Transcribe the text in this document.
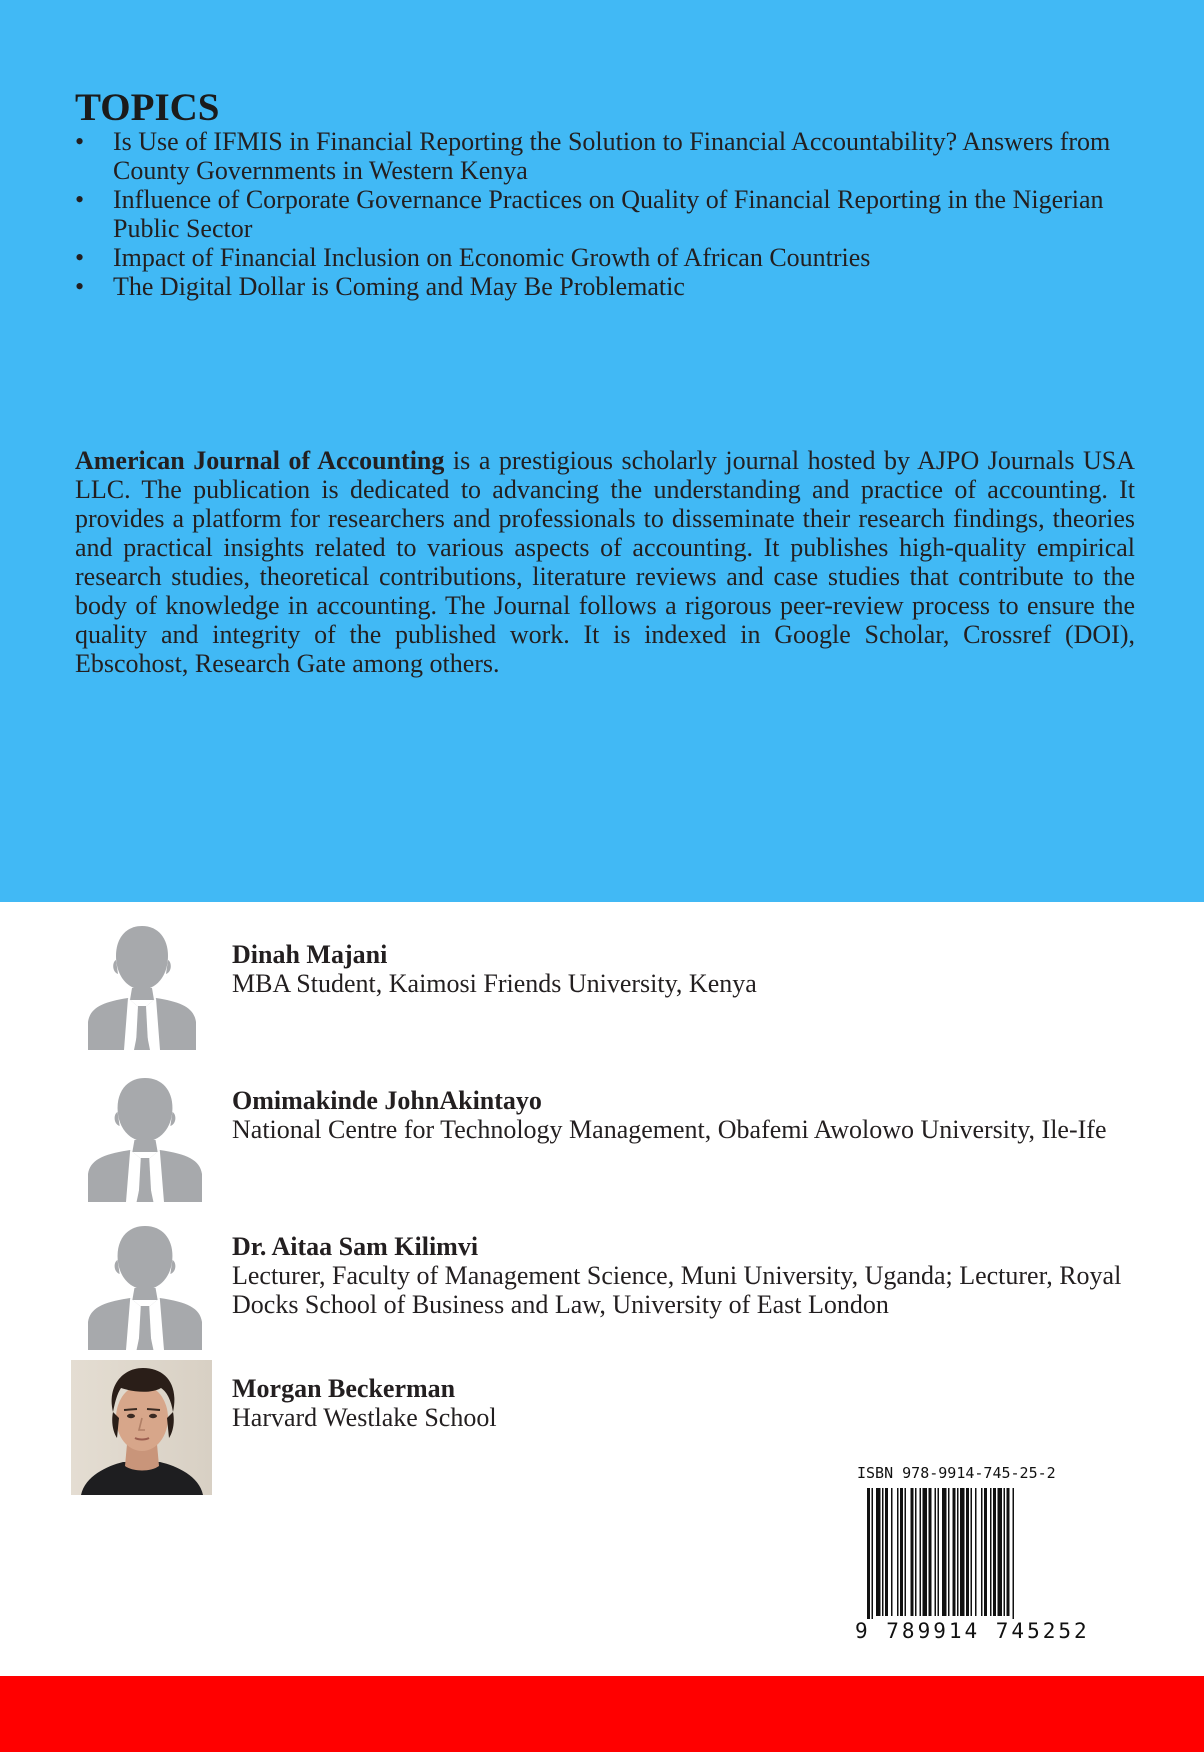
TOPICS
• Is Use of IFMIS in Financial Reporting the Solution to Financial Accountability? Answers from County Governments in Western Kenya
• Influence of Corporate Governance Practices on Quality of Financial Reporting in the Nigerian Public Sector
• Impact of Financial Inclusion on Economic Growth of African Countries
• The Digital Dollar is Coming and May Be Problematic

American Journal of Accounting is a prestigious scholarly journal hosted by AJPO Journals USA LLC. The publication is dedicated to advancing the understanding and practice of accounting. It provides a platform for researchers and professionals to disseminate their research findings, theories and practical insights related to various aspects of accounting. It publishes high-quality empirical research studies, theoretical contributions, literature reviews and case studies that contribute to the body of knowledge in accounting. The Journal follows a rigorous peer-review process to ensure the quality and integrity of the published work. It is indexed in Google Scholar, Crossref (DOI), Ebscohost, Research Gate among others.

Dinah Majani

MBA Student, Kaimosi Friends University, Kenya

Omimakinde JohnAkintayo

National Centre for Technology Management, Obafemi Awolowo University, Ile-Ife

Dr. Aitaa Sam Kilimvi

Lecturer, Faculty of Management Science, Muni University, Uganda; Lecturer, Royal Docks School of Business and Law, University of East London

Morgan Beckerman

Harvard Westlake School

ISBN 978-9914-745-25-2

9 789914 745252
